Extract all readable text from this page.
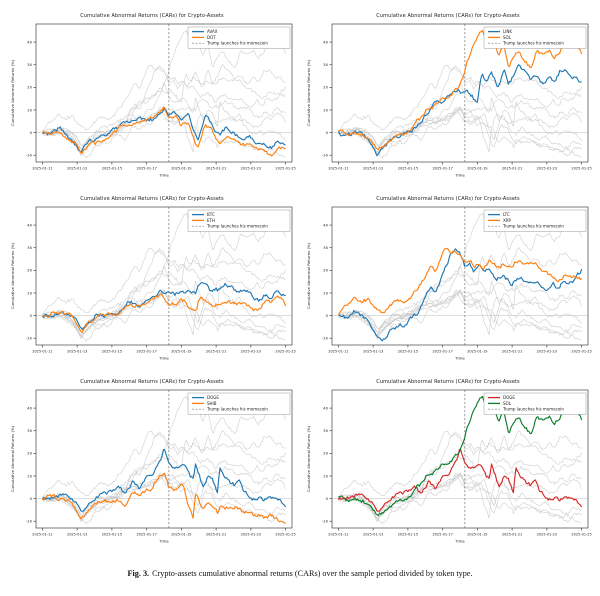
Cumulative Abnormal Returns (CARs) for Crypto-Assets
-10
0
10
20
30
40
2025-01-11	2025-01-13	2025-01-15	2025-01-17	2025-01-19	2025-01-21	2025-01-23	2025-01-25
Cumulative Abnormal Returns (%)
Time
AVAX
DOT
Trump launches his memecoin
Cumulative Abnormal Returns (CARs) for Crypto-Assets
-10
0
10
20
30
40
2025-01-11	2025-01-13	2025-01-15	2025-01-17	2025-01-19	2025-01-21	2025-01-23	2025-01-25
Cumulative Abnormal Returns (%)
Time
LINK
SOL
Trump launches his memecoin
Cumulative Abnormal Returns (CARs) for Crypto-Assets
-10
0
10
20
30
40
2025-01-11	2025-01-13	2025-01-15	2025-01-17	2025-01-19	2025-01-21	2025-01-23	2025-01-25
Cumulative Abnormal Returns (%)
Time
BTC
ETH
Trump launches his memecoin
Cumulative Abnormal Returns (CARs) for Crypto-Assets
-10
0
10
20
30
40
2025-01-11	2025-01-13	2025-01-15	2025-01-17	2025-01-19	2025-01-21	2025-01-23	2025-01-25
Cumulative Abnormal Returns (%)
Time
LTC
XRP
Trump launches his memecoin
Cumulative Abnormal Returns (CARs) for Crypto-Assets
-10
0
10
20
30
40
2025-01-11	2025-01-13	2025-01-15	2025-01-17	2025-01-19	2025-01-21	2025-01-23	2025-01-25
Cumulative Abnormal Returns (%)
Time
DOGE
SHIB
Trump launches his memecoin
Cumulative Abnormal Returns (CARs) for Crypto-Assets
-10
0
10
20
30
40
2025-01-11	2025-01-13	2025-01-15	2025-01-17	2025-01-19	2025-01-21	2025-01-23	2025-01-25
Cumulative Abnormal Returns (%)
Time
DOGE
SOL
Trump launches his memecoin

Fig. 3. Crypto-assets cumulative abnormal returns (CARs) over the sample period divided by token type.
